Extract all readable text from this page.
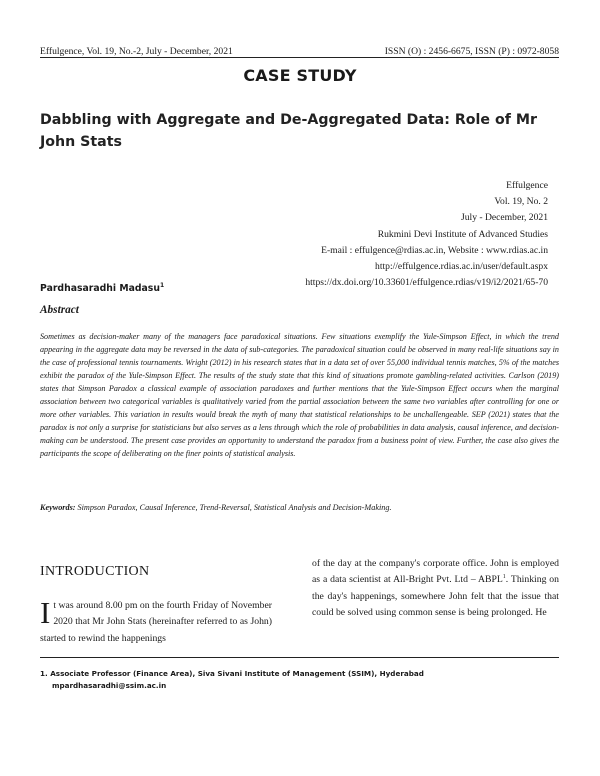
Effulgence, Vol. 19, No.-2, July - December, 2021	ISSN (O) : 2456-6675, ISSN (P) : 0972-8058
CASE STUDY
Dabbling with Aggregate and De-Aggregated Data: Role of Mr John Stats
Effulgence
Vol. 19, No. 2
July - December, 2021
Rukmini Devi Institute of Advanced Studies
E-mail : effulgence@rdias.ac.in, Website : www.rdias.ac.in
http://effulgence.rdias.ac.in/user/default.aspx
https://dx.doi.org/10.33601/effulgence.rdias/v19/i2/2021/65-70
Pardhasaradhi Madasu$^1$
Abstract
Sometimes as decision-maker many of the managers face paradoxical situations. Few situations exemplify the Yule-Simpson Effect, in which the trend appearing in the aggregate data may be reversed in the data of sub-categories. The paradoxical situation could be observed in many real-life situations say in the case of professional tennis tournaments. Wright (2012) in his research states that in a data set of over 55,000 individual tennis matches, 5% of the matches exhibit the paradox of the Yule-Simpson Effect. The results of the study state that this kind of situations promote gambling-related activities. Carlson (2019) states that Simpson Paradox a classical example of association paradoxes and further mentions that the Yule-Simpson Effect occurs when the marginal association between two categorical variables is qualitatively varied from the partial association between the same two variables after controlling for one or more other variables. This variation in results would break the myth of many that statistical relationships to be unchallengeable. SEP (2021) states that the paradox is not only a surprise for statisticians but also serves as a lens through which the role of probabilities in data analysis, causal inference, and decision-making can be understood. The present case provides an opportunity to understand the paradox from a business point of view. Further, the case also gives the participants the scope of deliberating on the finer points of statistical analysis.
Keywords: Simpson Paradox, Causal Inference, Trend-Reversal, Statistical Analysis and Decision-Making.
INTRODUCTION
It was around 8.00 pm on the fourth Friday of November 2020 that Mr John Stats (hereinafter referred to as John) started to rewind the happenings
of the day at the company's corporate office. John is employed as a data scientist at All-Bright Pvt. Ltd – ABPL$^1$. Thinking on the day's happenings, somewhere John felt that the issue that could be solved using common sense is being prolonged. He
1. Associate Professor (Finance Area), Siva Sivani Institute of Management (SSIM), Hyderabad
mpardhasaradhi@ssim.ac.in
